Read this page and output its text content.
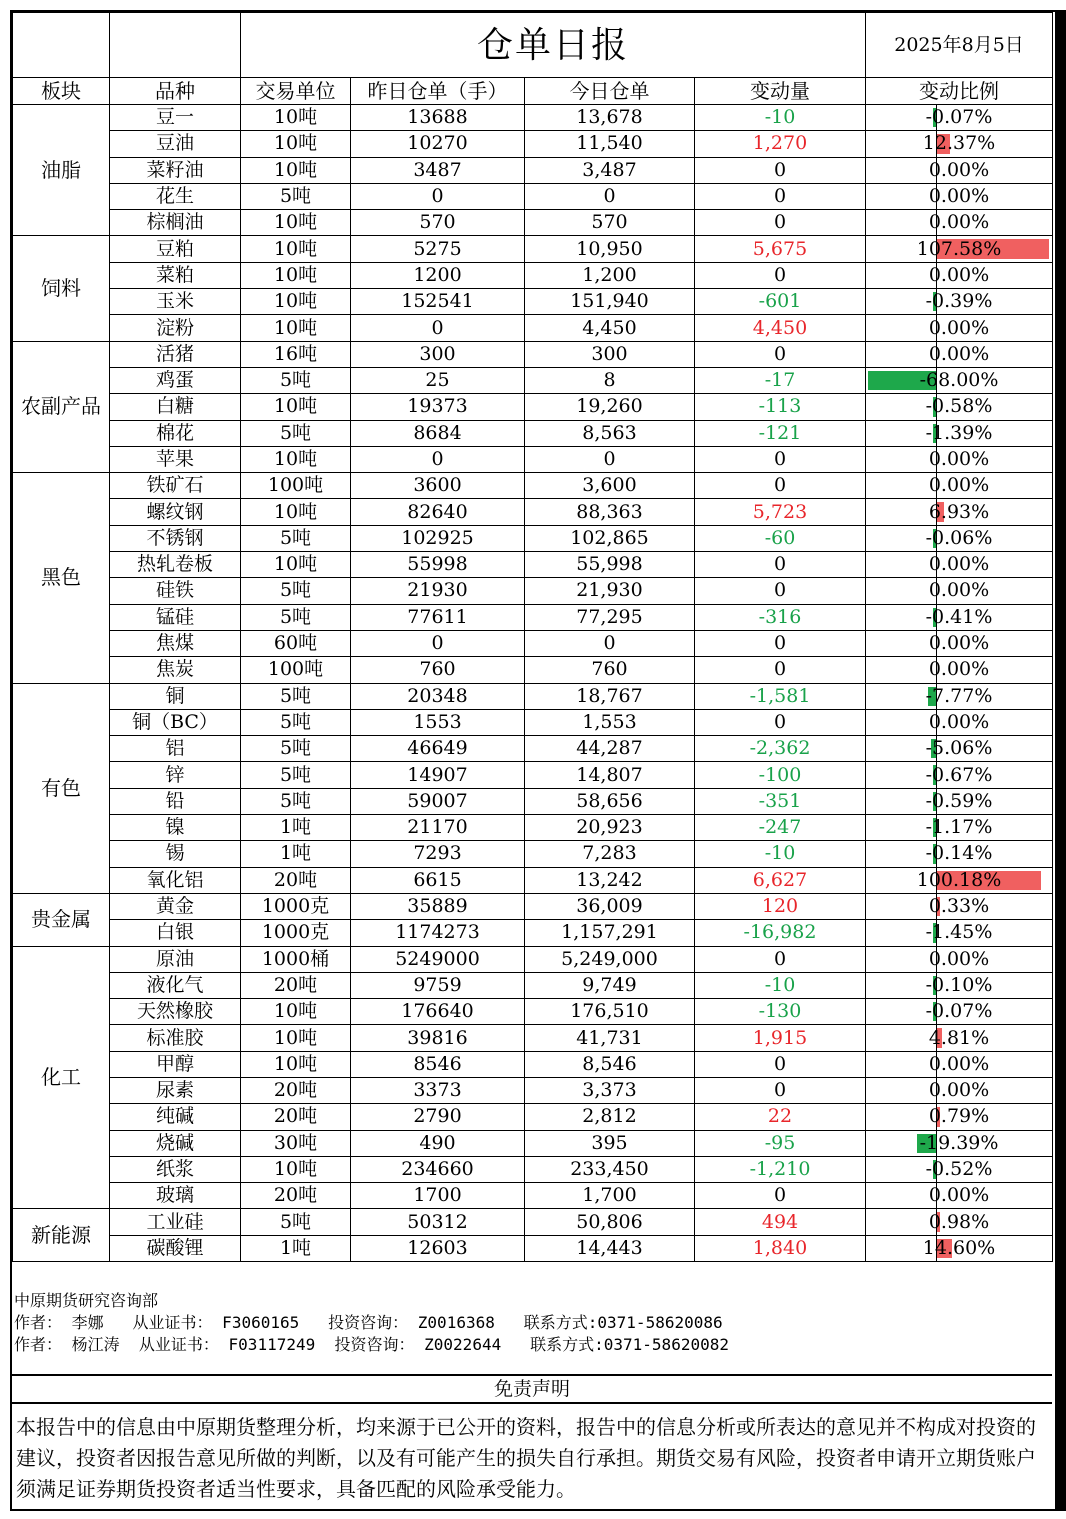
		仓单日报				2025年8月5日
板块	品种	交易单位	昨日仓单（手）	今日仓单	变动量	变动比例
油脂	豆一	10吨	13688	13,678	-10	-0.07%
	豆油	10吨	10270	11,540	1,270	12.37%
	菜籽油	10吨	3487	3,487	0	0.00%
	花生	5吨	0	0	0	0.00%
	棕榈油	10吨	570	570	0	0.00%
饲料	豆粕	10吨	5275	10,950	5,675	107.58%
	菜粕	10吨	1200	1,200	0	0.00%
	玉米	10吨	152541	151,940	-601	-0.39%
	淀粉	10吨	0	4,450	4,450	0.00%
农副产品	活猪	16吨	300	300	0	0.00%
	鸡蛋	5吨	25	8	-17	-68.00%
	白糖	10吨	19373	19,260	-113	-0.58%
	棉花	5吨	8684	8,563	-121	-1.39%
	苹果	10吨	0	0	0	0.00%
黑色	铁矿石	100吨	3600	3,600	0	0.00%
	螺纹钢	10吨	82640	88,363	5,723	6.93%
	不锈钢	5吨	102925	102,865	-60	-0.06%
	热轧卷板	10吨	55998	55,998	0	0.00%
	硅铁	5吨	21930	21,930	0	0.00%
	锰硅	5吨	77611	77,295	-316	-0.41%
	焦煤	60吨	0	0	0	0.00%
	焦炭	100吨	760	760	0	0.00%
有色	铜	5吨	20348	18,767	-1,581	-7.77%
	铜（BC）	5吨	1553	1,553	0	0.00%
	铝	5吨	46649	44,287	-2,362	-5.06%
	锌	5吨	14907	14,807	-100	-0.67%
	铅	5吨	59007	58,656	-351	-0.59%
	镍	1吨	21170	20,923	-247	-1.17%
	锡	1吨	7293	7,283	-10	-0.14%
	氧化铝	20吨	6615	13,242	6,627	100.18%
贵金属	黄金	1000克	35889	36,009	120	0.33%
	白银	1000克	1174273	1,157,291	-16,982	-1.45%
化工	原油	1000桶	5249000	5,249,000	0	0.00%
	液化气	20吨	9759	9,749	-10	-0.10%
	天然橡胶	10吨	176640	176,510	-130	-0.07%
	标准胶	10吨	39816	41,731	1,915	4.81%
	甲醇	10吨	8546	8,546	0	0.00%
	尿素	20吨	3373	3,373	0	0.00%
	纯碱	20吨	2790	2,812	22	0.79%
	烧碱	30吨	490	395	-95	-19.39%
	纸浆	10吨	234660	233,450	-1,210	-0.52%
	玻璃	20吨	1700	1,700	0	0.00%
新能源	工业硅	5吨	50312	50,806	494	0.98%
	碳酸锂	1吨	12603	14,443	1,840	14.60%
中原期货研究咨询部
作者： 李娜 从业证书： F3060165 投资咨询： Z0016368 联系方式:0371-58620086
作者： 杨江涛 从业证书： F03117249 投资咨询： Z0022644 联系方式:0371-58620082
免责声明
本报告中的信息由中原期货整理分析，均来源于已公开的资料，报告中的信息分析或所表达的意见并不构成对投资的建议，投资者因报告意见所做的判断，以及有可能产生的损失自行承担。期货交易有风险，投资者申请开立期货账户须满足证券期货投资者适当性要求，具备匹配的风险承受能力。
